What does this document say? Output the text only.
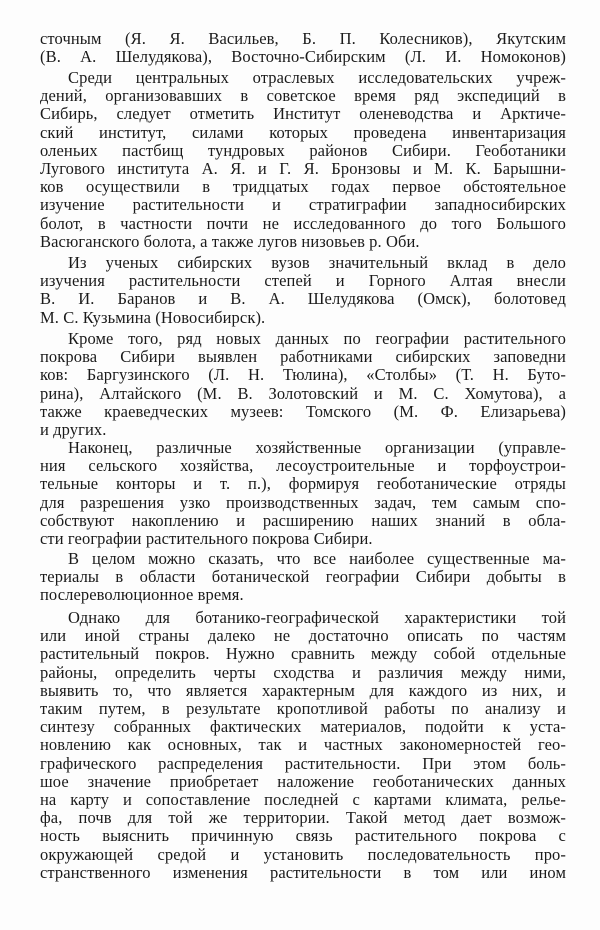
сточным (Я. Я. Васильев, Б. П. Колесников), Якутским
(В. А. Шелудякова), Восточно-Сибирским (Л. И. Номоконов)
Среди центральных отраслевых исследовательских учреж-
дений, организовавших в советское время ряд экспедиций в
Сибирь, следует отметить Институт оленеводства и Арктиче-
ский институт, силами которых проведена инвентаризация
оленьих пастбищ тундровых районов Сибири. Геоботаники
Лугового института А. Я. и Г. Я. Бронзовы и М. К. Барышни-
ков осуществили в тридцатых годах первое обстоятельное
изучение растительности и стратиграфии западносибирских
болот, в частности почти не исследованного до того Большого
Васюганского болота, а также лугов низовьев р. Оби.
Из ученых сибирских вузов значительный вклад в дело
изучения растительности степей и Горного Алтая внесли
В. И. Баранов и В. А. Шелудякова (Омск), болотовед
М. С. Кузьмина (Новосибирск).
Кроме того, ряд новых данных по географии растительного
покрова Сибири выявлен работниками сибирских заповедни
ков: Баргузинского (Л. Н. Тюлина), «Столбы» (Т. Н. Буто-
рина), Алтайского (М. В. Золотовский и М. С. Хомутова), а
также краеведческих музеев: Томского (М. Ф. Елизарьева)
и других.
Наконец, различные хозяйственные организации (управле-
ния сельского хозяйства, лесоустроительные и торфоустрои-
тельные конторы и т. п.), формируя геоботанические отряды
для разрешения узко производственных задач, тем самым спо-
собствуют накоплению и расширению наших знаний в обла-
сти географии растительного покрова Сибири.
В целом можно сказать, что все наиболее существенные ма-
териалы в области ботанической географии Сибири добыты в
послереволюционное время.
Однако для ботанико-географической характеристики той
или иной страны далеко не достаточно описать по частям
растительный покров. Нужно сравнить между собой отдельные
районы, определить черты сходства и различия между ними,
выявить то, что является характерным для каждого из них, и
таким путем, в результате кропотливой работы по анализу и
синтезу собранных фактических материалов, подойти к уста-
новлению как основных, так и частных закономерностей гео-
графического распределения растительности. При этом боль-
шое значение приобретает наложение геоботанических данных
на карту и сопоставление последней с картами климата, релье-
фа, почв для той же территории. Такой метод дает возмож-
ность выяснить причинную связь растительного покрова с
окружающей средой и установить последовательность про-
странственного изменения растительности в том или ином
